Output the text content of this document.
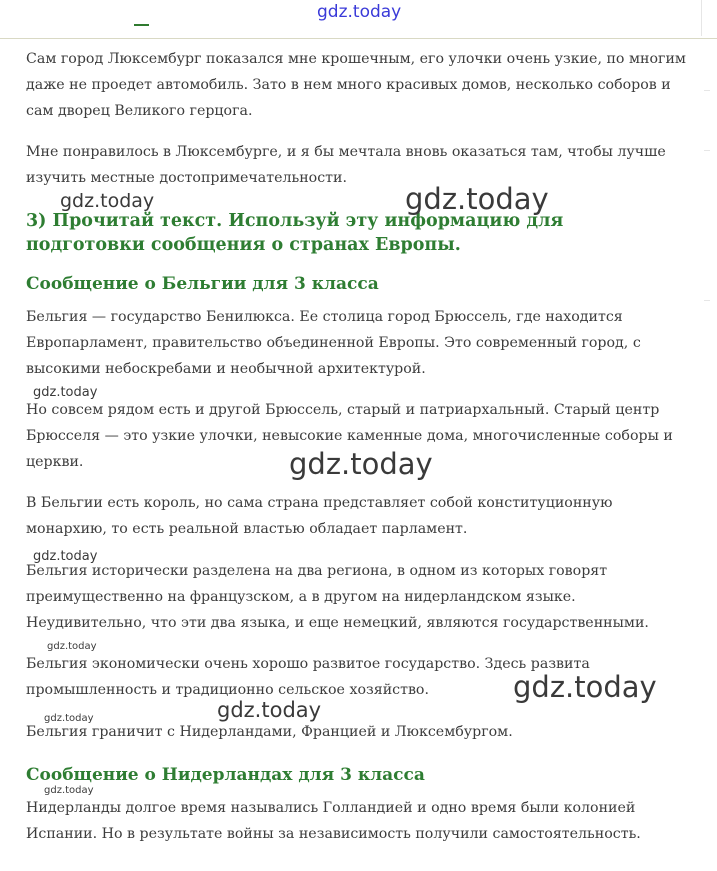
gdz.today

Сам город Люксембург показался мне крошечным, его улочки очень узкие, по многим даже не проедет автомобиль. Зато в нем много красивых домов, несколько соборов и сам дворец Великого герцога.

Мне понравилось в Люксембурге, и я бы мечтала вновь оказаться там, чтобы лучше изучить местные достопримечательности.

3) Прочитай текст. Используй эту информацию для подготовки сообщения о странах Европы.
Сообщение о Бельгии для 3 класса

Бельгия — государство Бенилюкса. Ее столица город Брюссель, где находится Европарламент, правительство объединенной Европы. Это современный город, с высокими небоскребами и необычной архитектурой.

Но совсем рядом есть и другой Брюссель, старый и патриархальный. Старый центр Брюсселя — это узкие улочки, невысокие каменные дома, многочисленные соборы и церкви.

В Бельгии есть король, но сама страна представляет собой конституционную монархию, то есть реальной властью обладает парламент.

Бельгия исторически разделена на два региона, в одном из которых говорят преимущественно на французском, а в другом на нидерландском языке. Неудивительно, что эти два языка, и еще немецкий, являются государственными.

Бельгия экономически очень хорошо развитое государство. Здесь развита промышленность и традиционно сельское хозяйство.

Бельгия граничит с Нидерландами, Францией и Люксембургом.

Сообщение о Нидерландах для 3 класса

Нидерланды долгое время назывались Голландией и одно время были колонией Испании. Но в результате войны за независимость получили самостоятельность.

gdz.today	gdz.today
gdz.today
gdz.today
gdz.today
gdz.today
gdz.today
gdz.today
gdz.today
gdz.today
